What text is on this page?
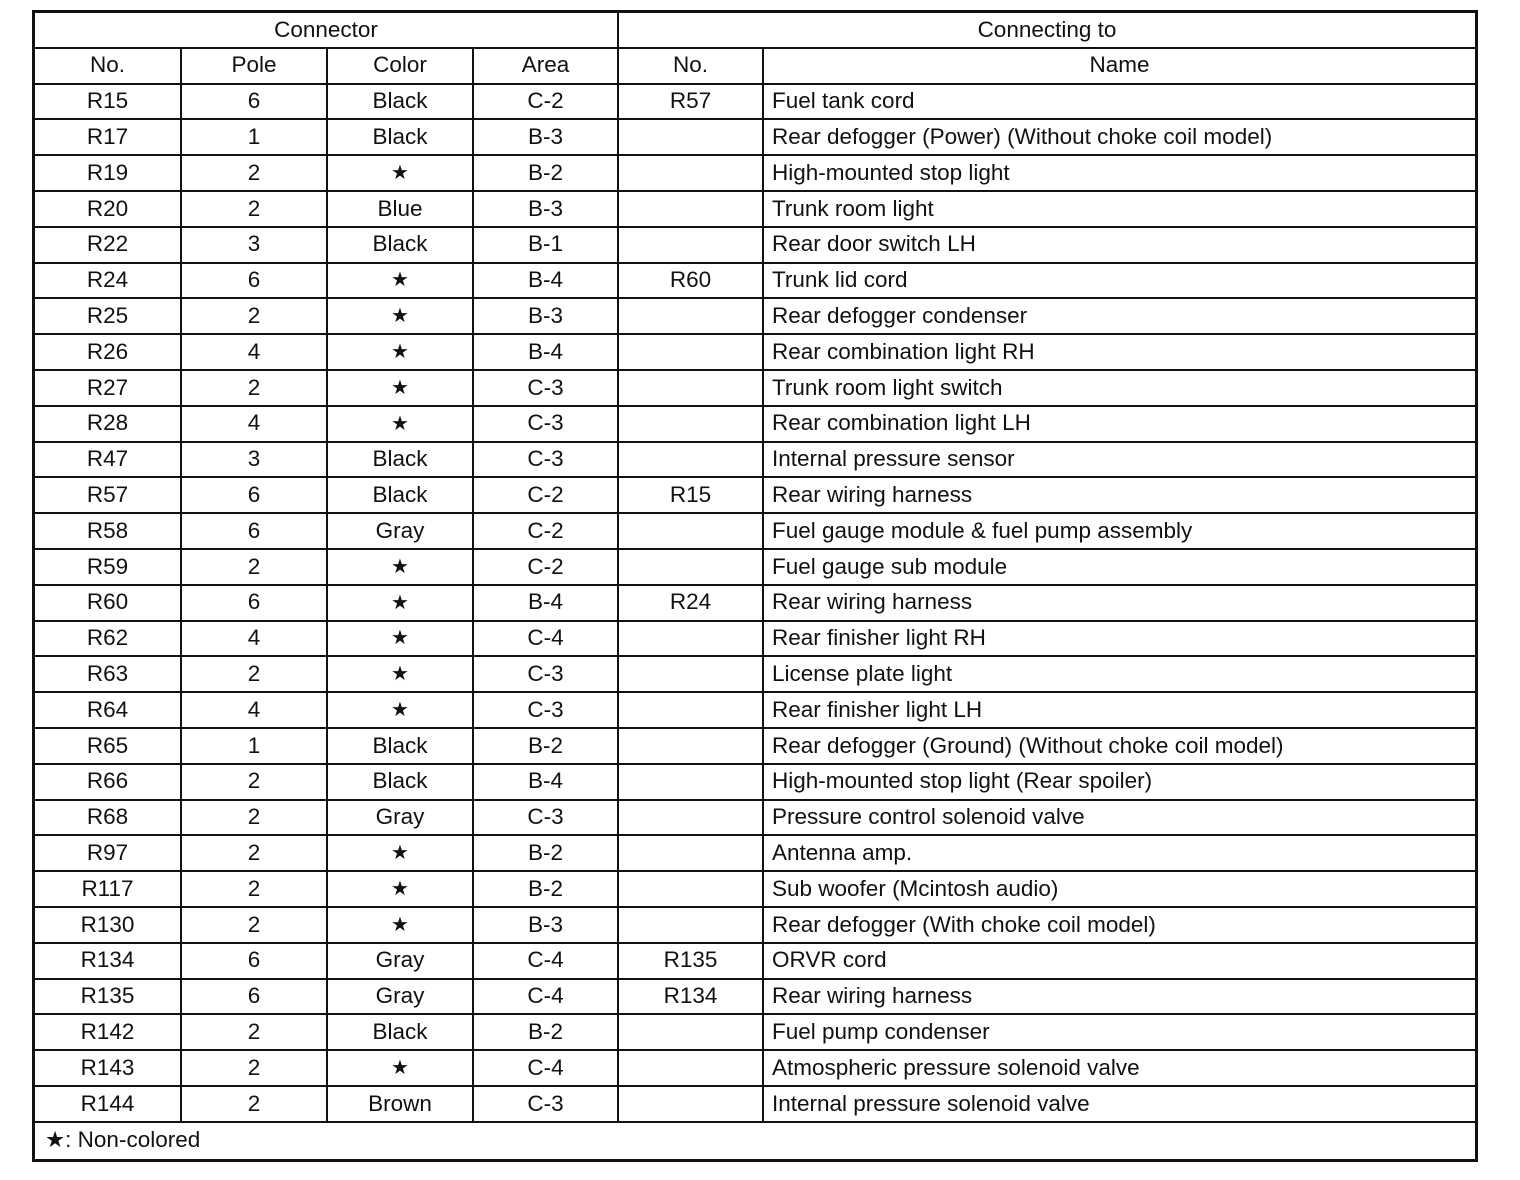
Connector				Connecting to	
No.	Pole	Color	Area	No.	Name
R15	6	Black	C-2	R57	Fuel tank cord
R17	1	Black	B-3		Rear defogger (Power) (Without choke coil model)
R19	2	★	B-2		High-mounted stop light
R20	2	Blue	B-3		Trunk room light
R22	3	Black	B-1		Rear door switch LH
R24	6	★	B-4	R60	Trunk lid cord
R25	2	★	B-3		Rear defogger condenser
R26	4	★	B-4		Rear combination light RH
R27	2	★	C-3		Trunk room light switch
R28	4	★	C-3		Rear combination light LH
R47	3	Black	C-3		Internal pressure sensor
R57	6	Black	C-2	R15	Rear wiring harness
R58	6	Gray	C-2		Fuel gauge module & fuel pump assembly
R59	2	★	C-2		Fuel gauge sub module
R60	6	★	B-4	R24	Rear wiring harness
R62	4	★	C-4		Rear finisher light RH
R63	2	★	C-3		License plate light
R64	4	★	C-3		Rear finisher light LH
R65	1	Black	B-2		Rear defogger (Ground) (Without choke coil model)
R66	2	Black	B-4		High-mounted stop light (Rear spoiler)
R68	2	Gray	C-3		Pressure control solenoid valve
R97	2	★	B-2		Antenna amp.
R117	2	★	B-2		Sub woofer (Mcintosh audio)
R130	2	★	B-3		Rear defogger (With choke coil model)
R134	6	Gray	C-4	R135	ORVR cord
R135	6	Gray	C-4	R134	Rear wiring harness
R142	2	Black	B-2		Fuel pump condenser
R143	2	★	C-4		Atmospheric pressure solenoid valve
R144	2	Brown	C-3		Internal pressure solenoid valve
★: Non-colored					
